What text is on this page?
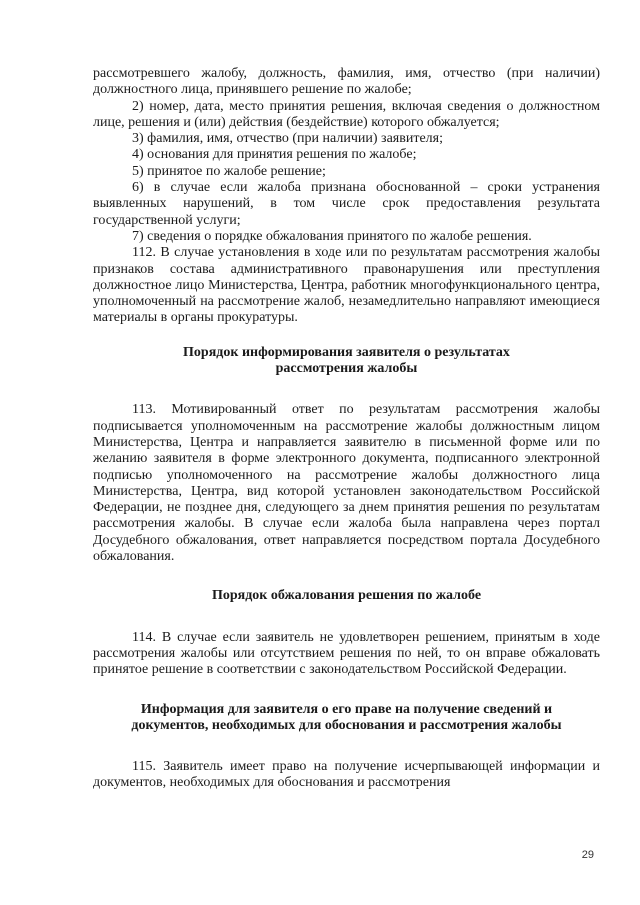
рассмотревшего жалобу, должность, фамилия, имя, отчество (при наличии) должностного лица, принявшего решение по жалобе;

2) номер, дата, место принятия решения, включая сведения о должностном лице, решения и (или) действия (бездействие) которого обжалуется;

3) фамилия, имя, отчество (при наличии) заявителя;

4) основания для принятия решения по жалобе;

5) принятое по жалобе решение;

6) в случае если жалоба признана обоснованной – сроки устранения выявленных нарушений, в том числе срок предоставления результата государственной услуги;

7) сведения о порядке обжалования принятого по жалобе решения.

112. В случае установления в ходе или по результатам рассмотрения жалобы признаков состава административного правонарушения или преступления должностное лицо Министерства, Центра, работник многофункционального центра, уполномоченный на рассмотрение жалоб, незамедлительно направляют имеющиеся материалы в органы прокуратуры.

Порядок информирования заявителя о результатах

рассмотрения жалобы

113. Мотивированный ответ по результатам рассмотрения жалобы подписывается уполномоченным на рассмотрение жалобы должностным лицом Министерства, Центра и направляется заявителю в письменной форме или по желанию заявителя в форме электронного документа, подписанного электронной подписью уполномоченного на рассмотрение жалобы должностного лица Министерства, Центра, вид которой установлен законодательством Российской Федерации, не позднее дня, следующего за днем принятия решения по результатам рассмотрения жалобы. В случае если жалоба была направлена через портал Досудебного обжалования, ответ направляется посредством портала Досудебного обжалования.

Порядок обжалования решения по жалобе

114. В случае если заявитель не удовлетворен решением, принятым в ходе рассмотрения жалобы или отсутствием решения по ней, то он вправе обжаловать принятое решение в соответствии с законодательством Российской Федерации.

Информация для заявителя о его праве на получение сведений и

документов, необходимых для обоснования и рассмотрения жалобы

115. Заявитель имеет право на получение исчерпывающей информации и документов, необходимых для обоснования и рассмотрения

29
